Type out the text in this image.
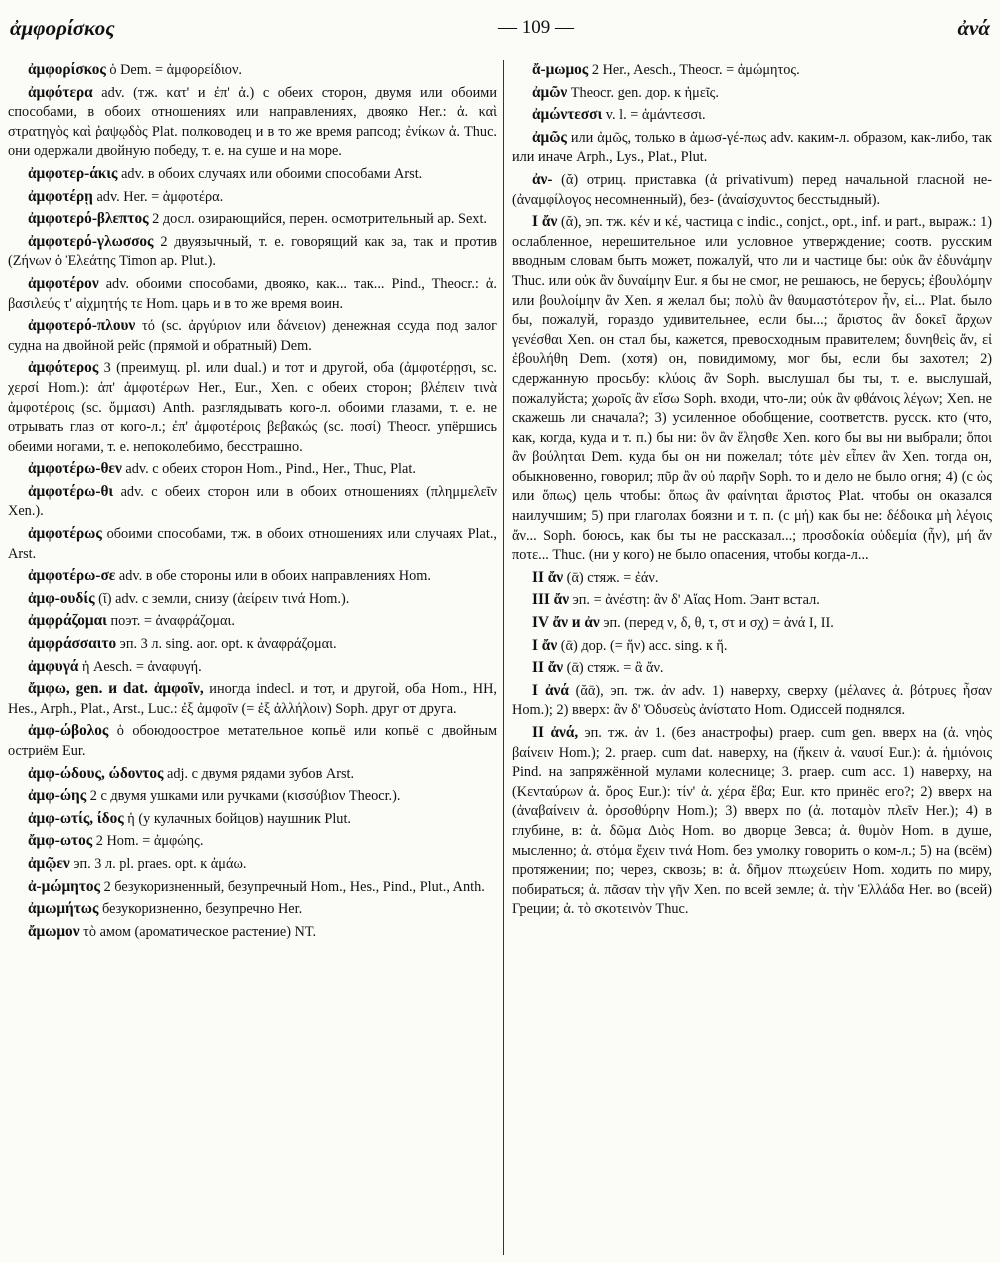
ἀμφορίσκος	— 109 —	ἀνά

ἀμφορίσκος ὁ Dem. = ἀμφορείδιον.

ἀμφότερα adv. (тж. κατ' и ἐπ' ἀ.) с обеих сторон, двумя или обоими способами, в обоих отношениях или направлениях, двояко Her.: ἀ. καὶ στρατηγὸς καὶ ῥαψῳδὸς Plat. полководец и в то же время рапсод; ἐνίκων ἀ. Thuc. они одержали двойную победу, т. е. на суше и на море.

ἀμφοτερ-άκις adv. в обоих случаях или обоими способами Arst.

ἀμφοτέρῃ adv. Her. = ἀμφοτέρα.

ἀμφοτερό-βλεπτος 2 досл. озирающийся, перен. осмотрительный ap. Sext.

ἀμφοτερό-γλωσσος 2 двуязычный, т. е. говорящий как за, так и против (Ζήνων ὁ Ἐλεάτης Timon ap. Plut.).

ἀμφοτέρον adv. обоими способами, двояко, как... так... Pind., Theocr.: ἀ. βασιλεύς τ' αἰχμητής τε Hom. царь и в то же время воин.

ἀμφοτερό-πλουν τό (sc. ἀργύριον или δάνειον) денежная ссуда под залог судна на двойной рейс (прямой и обратный) Dem.

ἀμφότερος 3 (преимущ. pl. или dual.) и тот и другой, оба (ἀμφοτέρῃσι, sc. χερσί Hom.): ἀπ' ἀμφοτέρων Her., Eur., Xen. с обеих сторон; βλέπειν τινὰ ἀμφοτέροις (sc. ὄμμασι) Anth. разглядывать кого-л. обоими глазами, т. е. не отрывать глаз от кого-л.; ἐπ' ἀμφοτέροις βεβακώς (sc. ποσί) Theocr. упёршись обеими ногами, т. е. непоколебимо, бесстрашно.

ἀμφοτέρω-θεν adv. с обеих сторон Hom., Pind., Her., Thuc, Plat.

ἀμφοτέρω-θι adv. с обеих сторон или в обоих отношениях (πλημμελεῖν Xen.).

ἀμφοτέρως обоими способами, тж. в обоих отношениях или случаях Plat., Arst.

ἀμφοτέρω-σε adv. в обе стороны или в обоих направлениях Hom.

ἀμφ-ουδίς (ῐ) adv. с земли, снизу (ἀείρειν τινά Hom.).

ἀμφράζομαι поэт. = ἀναφράζομαι.

ἀμφράσσαιτο эп. 3 л. sing. aor. opt. к ἀναφράζομαι.

ἀμφυγά ἡ Aesch. = ἀναφυγή.

ἄμφω, gen. и dat. ἀμφοῖν, иногда indecl. и тот, и другой, оба Hom., HH, Hes., Arph., Plat., Arst., Luc.: ἐξ ἀμφοῖν (= ἐξ ἀλλήλοιν) Soph. друг от друга.

ἀμφ-ώβολος ὁ обоюдоострое метательное копьё или копьё с двойным остриём Eur.

ἀμφ-ώδους, ώδοντος adj. с двумя рядами зубов Arst.

ἀμφ-ώης 2 с двумя ушками или ручками (κισσύβιον Theocr.).

ἀμφ-ωτίς, ίδος ἡ (у кулачных бойцов) наушник Plut.

ἄμφ-ωτος 2 Hom. = ἀμφώης.

ἀμῷεν эп. 3 л. pl. praes. opt. к ἀμάω.

ἀ-μώμητος 2 безукоризненный, безупречный Hom., Hes., Pind., Plut., Anth.

ἀμωμήτως безукоризненно, безупречно Her.

ἄμωμον τὸ амом (ароматическое растение) NT.

ἄ-μωμος 2 Her., Aesch., Theocr. = ἀμώμητος.

ἀμῶν Theocr. gen. дор. к ἡμεῖς.

ἀμώντεσσι v. l. = ἀμάντεσσι.

ἀμῶς или ἀμῶς, только в ἀμωσ-γέ-πως adv. каким-л. образом, как-либо, так или иначе Arph., Lys., Plat., Plut.

ἀν- (ᾰ) отриц. приставка (ἀ privativum) перед начальной гласной не- (ἀναμφίλογος несомненный), без- (ἀναίσχυντος бесстыдный).

I ἄν (ᾰ), эп. тж. κέν и κέ, частица с indic., conjct., opt., inf. и part., выраж.: 1) ослабленное, нерешительное или условное утверждение; соотв. русским вводным словам быть может, пожалуй, что ли и частице бы: οὐκ ἂν ἐδυνάμην Thuc. или οὐκ ἂν δυναίμην Eur. я бы не смог, не решаюсь, не берусь; ἐβουλόμην или βουλοίμην ἂν Xen. я желал бы; πολὺ ἂν θαυμαστότερον ἦν, εἰ... Plat. было бы, пожалуй, гораздо удивительнее, если бы...; ἄριστος ἂν δοκεῖ ἄρχων γενέσθαι Xen. он стал бы, кажется, превосходным правителем; δυνηθεὶς ἄν, εἰ ἐβουλήθη Dem. (хотя) он, повидимому, мог бы, если бы захотел; 2) сдержанную просьбу: κλύοις ἂν Soph. выслушал бы ты, т. е. выслушай, пожалуйста; χωροῖς ἂν εἴσω Soph. входи, что-ли; οὐκ ἂν φθάνοις λέγων; Xen. не скажешь ли сначала?; 3) усиленное обобщение, соответств. русск. кто (что, как, когда, куда и т. п.) бы ни: ὃν ἂν ἕλησθε Xen. кого бы вы ни выбрали; ὅποι ἂν βούληται Dem. куда бы он ни пожелал; τότε μὲν εἶπεν ἂν Xen. тогда он, обыкновенно, говорил; πῦρ ἂν οὐ παρῆν Soph. то и дело не было огня; 4) (с ὡς или ὅπως) цель чтобы: ὅπως ἂν φαίνηται ἄριστος Plat. чтобы он оказался наилучшим; 5) при глаголах боязни и т. п. (с μή) как бы не: δέδοικα μὴ λέγοις ἄν... Soph. боюсь, как бы ты не рассказал...; προσδοκία οὐδεμία (ἦν), μή ἄν ποτε... Thuc. (ни у кого) не было опасения, чтобы когда-л...

II ἄν (ᾱ) стяж. = ἐάν.

III ἄν эп. = ἀνέστη: ἂν δ' Αἴας Hom. Эант встал.

IV ἄν и ἀν эп. (перед ν, δ, θ, τ, στ и σχ) = ἀνά I, II.

I ἄν (ᾱ) дор. (= ἥν) acc. sing. к ἥ.

II ἄν (ᾱ) стяж. = ἃ ἄν.

I ἀνά (ᾰᾱ), эп. тж. ἀν adv. 1) наверху, сверху (μέλανες ἀ. βότρυες ἦσαν Hom.); 2) вверх: ἂν δ' Ὀδυσεὺς ἀνίστατο Hom. Одиссей поднялся.

II ἀνά, эп. тж. ἀν 1. (без анастрофы) praep. cum gen. вверх на (ἀ. νηὸς βαίνειν Hom.); 2. praep. cum dat. наверху, на (ἥκειν ἀ. ναυσί Eur.): ἀ. ἡμιόνοις Pind. на запряжённой мулами колеснице; 3. praep. cum acc. 1) наверху, на (Κενταύρων ἀ. ὄρος Eur.): τίν' ἀ. χέρα ἔβα; Eur. кто принёс его?; 2) вверх на (ἀναβαίνειν ἀ. ὀρσοθύρην Hom.); 3) вверх по (ἀ. ποταμὸν πλεῖν Her.); 4) в глубине, в: ἀ. δῶμα Διὸς Hom. во дворце Зевса; ἀ. θυμὸν Hom. в душе, мысленно; ἀ. στόμα ἔχειν τινά Hom. без умолку говорить о ком-л.; 5) на (всём) протяжении; по; через, сквозь; в: ἀ. δῆμον πτωχεύειν Hom. ходить по миру, побираться; ἀ. πᾶσαν τὴν γῆν Xen. по всей земле; ἀ. τὴν Ἑλλάδα Her. во (всей) Греции; ἀ. τὸ σκοτεινὸν Thuc.
